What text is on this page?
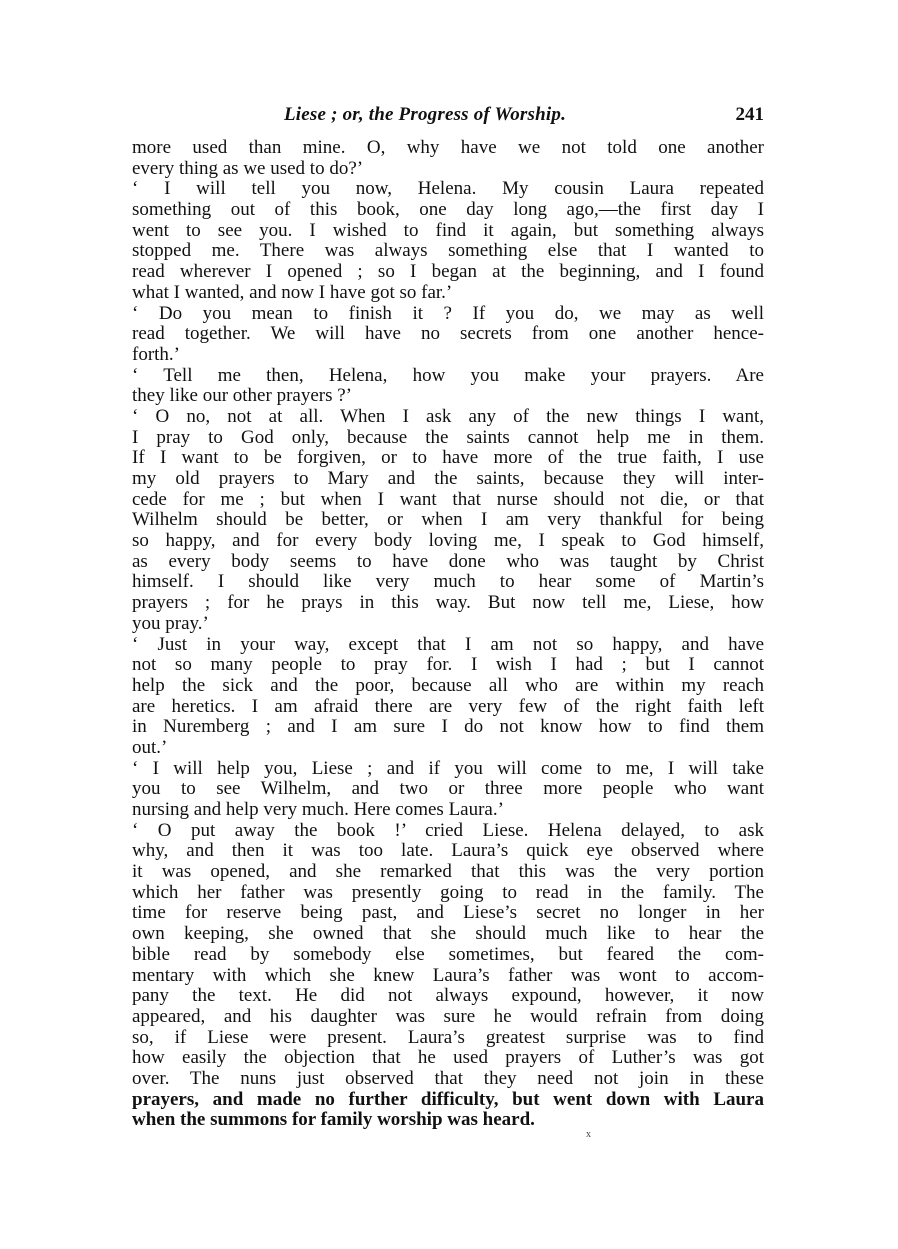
Liese ; or, the Progress of Worship.	241
more used than mine. O, why have we not told one another
every thing as we used to do?’
‘ I will tell you now, Helena. My cousin Laura repeated
something out of this book, one day long ago,—the first day I
went to see you. I wished to find it again, but something always
stopped me. There was always something else that I wanted to
read wherever I opened ; so I began at the beginning, and I found
what I wanted, and now I have got so far.’
‘ Do you mean to finish it ? If you do, we may as well
read together. We will have no secrets from one another hence-
forth.’
‘ Tell me then, Helena, how you make your prayers. Are
they like our other prayers ?’
‘ O no, not at all. When I ask any of the new things I want,
I pray to God only, because the saints cannot help me in them.
If I want to be forgiven, or to have more of the true faith, I use
my old prayers to Mary and the saints, because they will inter-
cede for me ; but when I want that nurse should not die, or that
Wilhelm should be better, or when I am very thankful for being
so happy, and for every body loving me, I speak to God himself,
as every body seems to have done who was taught by Christ
himself. I should like very much to hear some of Martin’s
prayers ; for he prays in this way. But now tell me, Liese, how
you pray.’
‘ Just in your way, except that I am not so happy, and have
not so many people to pray for. I wish I had ; but I cannot
help the sick and the poor, because all who are within my reach
are heretics. I am afraid there are very few of the right faith left
in Nuremberg ; and I am sure I do not know how to find them
out.’
‘ I will help you, Liese ; and if you will come to me, I will take
you to see Wilhelm, and two or three more people who want
nursing and help very much. Here comes Laura.’
‘ O put away the book !’ cried Liese. Helena delayed, to ask
why, and then it was too late. Laura’s quick eye observed where
it was opened, and she remarked that this was the very portion
which her father was presently going to read in the family. The
time for reserve being past, and Liese’s secret no longer in her
own keeping, she owned that she should much like to hear the
bible read by somebody else sometimes, but feared the com-
mentary with which she knew Laura’s father was wont to accom-
pany the text. He did not always expound, however, it now
appeared, and his daughter was sure he would refrain from doing
so, if Liese were present. Laura’s greatest surprise was to find
how easily the objection that he used prayers of Luther’s was got
over. The nuns just observed that they need not join in these
prayers, and made no further difficulty, but went down with Laura
when the summons for family worship was heard.
x
